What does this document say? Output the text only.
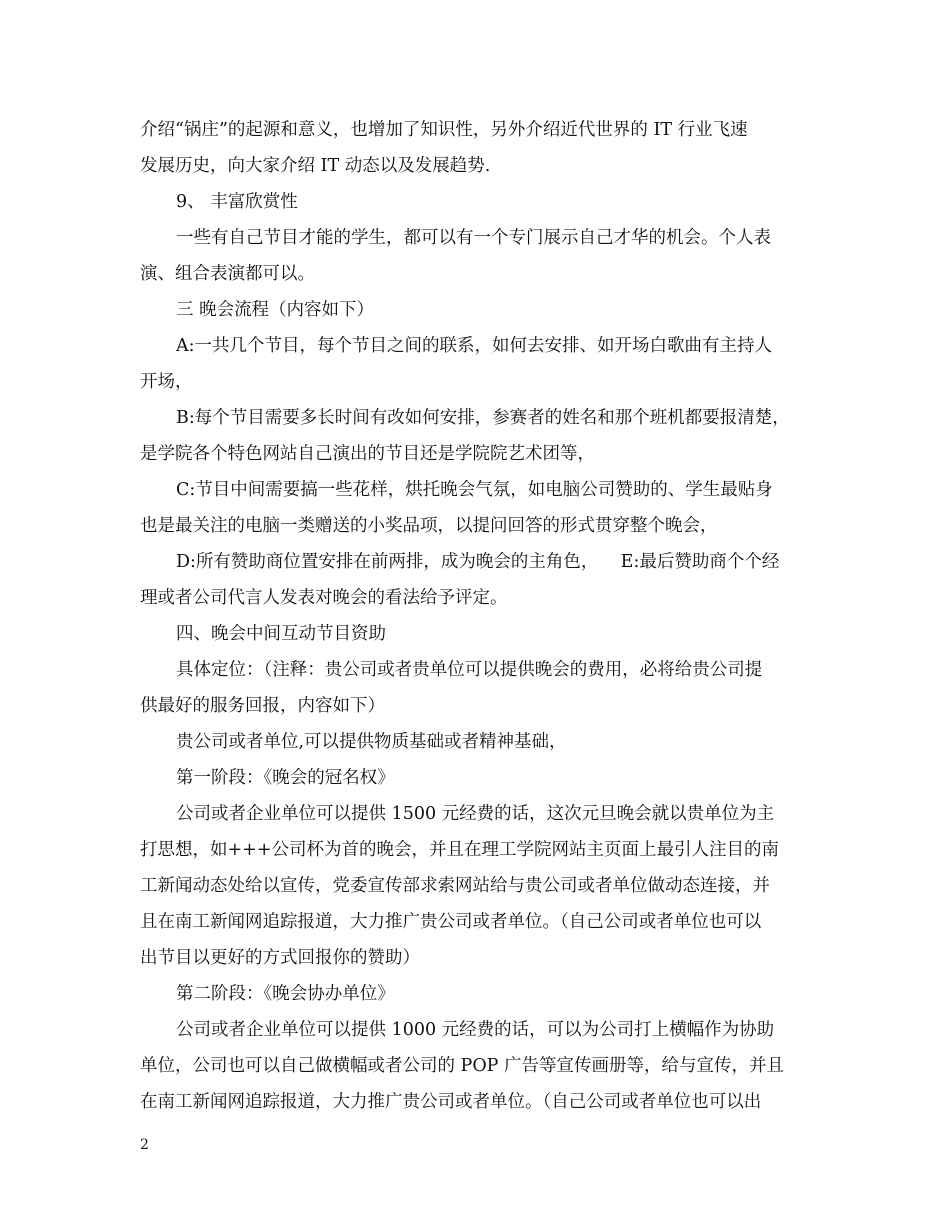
介绍“锅庄”的起源和意义，也增加了知识性，另外介绍近代世界的 IT 行业飞速
发展历史，向大家介绍 IT 动态以及发展趋势.
9、 丰富欣赏性
一些有自己节目才能的学生，都可以有一个专门展示自己才华的机会。个人表
演、组合表演都可以。
三 晚会流程（内容如下）
A:一共几个节目，每个节目之间的联系，如何去安排、如开场白歌曲有主持人
开场，
B:每个节目需要多长时间有改如何安排，参赛者的姓名和那个班机都要报清楚，
是学院各个特色网站自己演出的节目还是学院院艺术团等，
C:节目中间需要搞一些花样，烘托晚会气氛，如电脑公司赞助的、学生最贴身
也是最关注的电脑一类赠送的小奖品项，以提问回答的形式贯穿整个晚会，
D:所有赞助商位置安排在前两排，成为晚会的主角色，    E:最后赞助商个个经
理或者公司代言人发表对晚会的看法给予评定。
四、晚会中间互动节目资助
具体定位：（注释：贵公司或者贵单位可以提供晚会的费用，必将给贵公司提
供最好的服务回报，内容如下）
贵公司或者单位,可以提供物质基础或者精神基础，
第一阶段：《晚会的冠名权》
公司或者企业单位可以提供 1500 元经费的话，这次元旦晚会就以贵单位为主
打思想，如+++公司杯为首的晚会，并且在理工学院网站主页面上最引人注目的南
工新闻动态处给以宣传，党委宣传部求索网站给与贵公司或者单位做动态连接，并
且在南工新闻网追踪报道，大力推广贵公司或者单位。（自己公司或者单位也可以
出节目以更好的方式回报你的赞助）
第二阶段：《晚会协办单位》
公司或者企业单位可以提供 1000 元经费的话，可以为公司打上横幅作为协助
单位，公司也可以自己做横幅或者公司的 POP 广告等宣传画册等，给与宣传，并且
在南工新闻网追踪报道，大力推广贵公司或者单位。（自己公司或者单位也可以出
2
